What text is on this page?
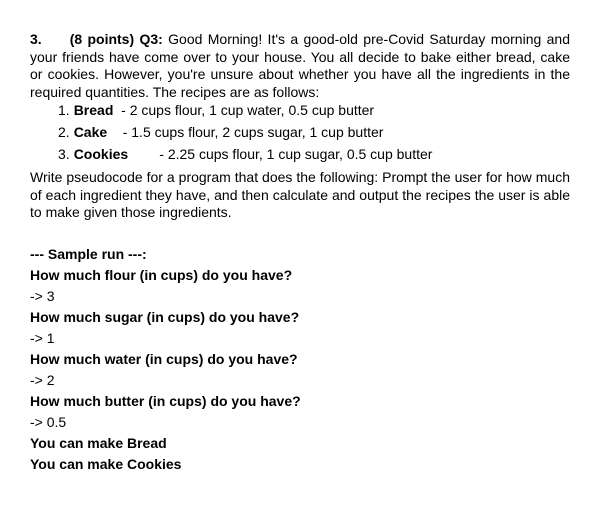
3. (8 points) Q3: Good Morning! It's a good-old pre-Covid Saturday morning and your friends have come over to your house. You all decide to bake either bread, cake or cookies. However, you're unsure about whether you have all the ingredients in the required quantities. The recipes are as follows:

1. Bread  - 2 cups flour, 1 cup water, 0.5 cup butter
2. Cake    - 1.5 cups flour, 2 cups sugar, 1 cup butter
3. Cookies        - 2.25 cups flour, 1 cup sugar, 0.5 cup butter

Write pseudocode for a program that does the following: Prompt the user for how much of each ingredient they have, and then calculate and output the recipes the user is able to make given those ingredients.

--- Sample run ---:

How much flour (in cups) do you have?

-> 3

How much sugar (in cups) do you have?

-> 1

How much water (in cups) do you have?

-> 2

How much butter (in cups) do you have?

-> 0.5

You can make Bread

You can make Cookies
